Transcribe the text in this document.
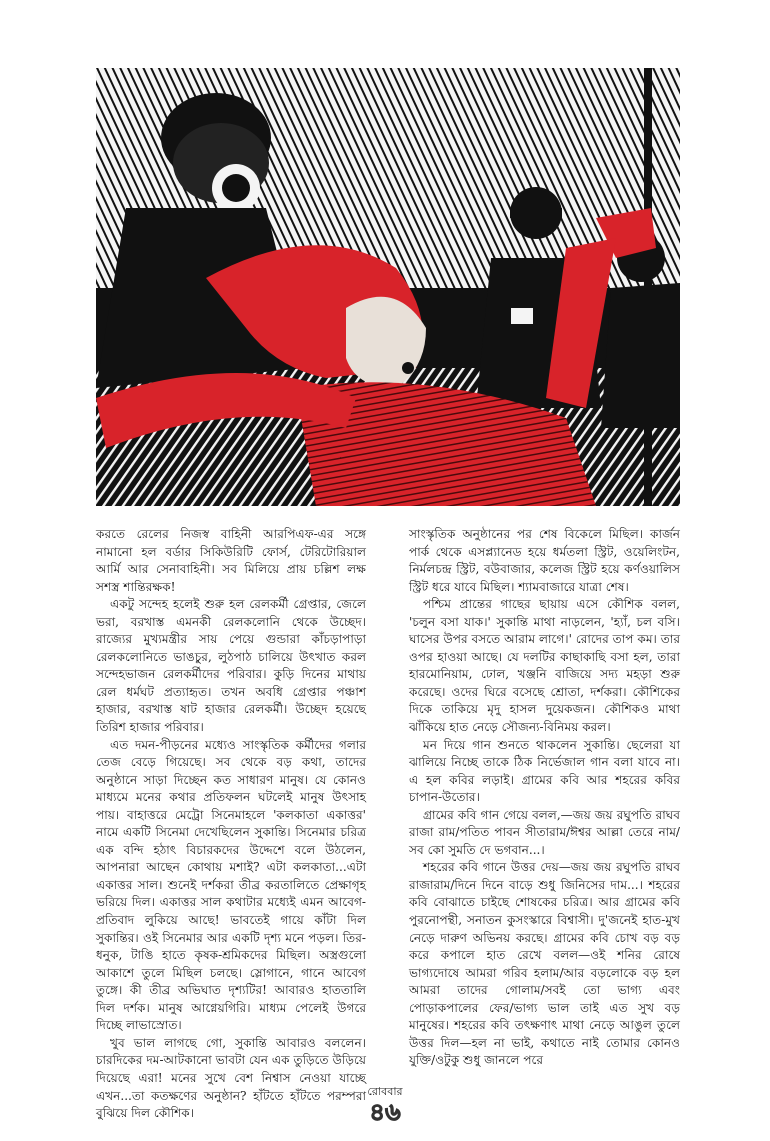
করতে রেলের নিজস্ব বাহিনী আরপিএফ-এর সঙ্গে নামানো হল বর্ডার সিকিউরিটি ফোর্স, টেরিটোরিয়াল আর্মি আর সেনাবাহিনী। সব মিলিয়ে প্রায় চল্লিশ লক্ষ সশস্ত্র শান্তিরক্ষক!

একটু সন্দেহ হলেই শুরু হল রেলকর্মী গ্রেপ্তার, জেলে ভরা, বরখাস্ত এমনকী রেলকলোনি থেকে উচ্ছেদ। রাজ্যের মুখ্যমন্ত্রীর সায় পেয়ে গুন্ডারা কাঁচড়াপাড়া রেলকলোনিতে ভাঙচুর, লুঠপাঠ চালিয়ে উৎখাত করল সন্দেহভাজন রেলকর্মীদের পরিবার। কুড়ি দিনের মাথায় রেল ধর্মঘট প্রত্যাহৃত। তখন অবধি গ্রেপ্তার পঞ্চাশ হাজার, বরখাস্ত ষাট হাজার রেলকর্মী। উচ্ছেদ হয়েছে তিরিশ হাজার পরিবার।

এত দমন-পীড়নের মধ্যেও সাংস্কৃতিক কর্মীদের গলার তেজ বেড়ে গিয়েছে। সব থেকে বড় কথা, তাদের অনুষ্ঠানে সাড়া দিচ্ছেন কত সাধারণ মানুষ। যে কোনও মাধ্যমে মনের কথার প্রতিফলন ঘটলেই মানুষ উৎসাহ পায়। বাহাত্তরে মেট্রো সিনেমাহলে 'কলকাতা একাত্তর' নামে একটি সিনেমা দেখেছিলেন সুকান্তি। সিনেমার চরিত্র এক বন্দি হঠাৎ বিচারকদের উদ্দেশে বলে উঠলেন, আপনারা আছেন কোথায় মশাই? এটা কলকাতা...এটা একাত্তর সাল। শুনেই দর্শকরা তীব্র করতালিতে প্রেক্ষাগৃহ ভরিয়ে দিল। একাত্তর সাল কথাটার মধ্যেই এমন আবেগ-প্রতিবাদ লুকিয়ে আছে! ভাবতেই গায়ে কাঁটা দিল সুকান্তির। ওই সিনেমার আর একটি দৃশ্য মনে পড়ল। তির-ধনুক, টাঙি হাতে কৃষক-শ্রমিকদের মিছিল। অস্ত্রগুলো আকাশে তুলে মিছিল চলছে। স্লোগানে, গানে আবেগ তুঙ্গে। কী তীব্র অভিঘাত দৃশ্যটির! আবারও হাততালি দিল দর্শক। মানুষ আগ্নেয়গিরি। মাধ্যম পেলেই উগরে দিচ্ছে লাভাস্রোত।

খুব ভাল লাগছে গো, সুকান্তি আবারও বললেন। চারদিকের দম-আটকানো ভাবটা যেন এক তুড়িতে উড়িয়ে দিয়েছে এরা! মনের সুখে বেশ নিশ্বাস নেওয়া যাচ্ছে এখন...তা কতক্ষণের অনুষ্ঠান? হাঁটতে হাঁটতে পরম্পরা বুঝিয়ে দিল কৌশিক।

সাংস্কৃতিক অনুষ্ঠানের পর শেষ বিকেলে মিছিল। কার্জন পার্ক থেকে এসপ্ল্যানেড হয়ে ধর্মতলা স্ট্রিট, ওয়েলিংটন, নির্মলচন্দ্র স্ট্রিট, বউবাজার, কলেজ স্ট্রিট হয়ে কর্ণওয়ালিস স্ট্রিট ধরে যাবে মিছিল। শ্যামবাজারে যাত্রা শেষ।

পশ্চিম প্রান্তের গাছের ছায়ায় এসে কৌশিক বলল, 'চলুন বসা যাক।' সুকান্তি মাথা নাড়লেন, 'হ্যাঁ, চল বসি। ঘাসের উপর বসতে আরাম লাগে।' রোদের তাপ কম। তার ওপর হাওয়া আছে। যে দলটির কাছাকাছি বসা হল, তারা হারমোনিয়াম, ঢোল, খঞ্জনি বাজিয়ে সদ্য মহড়া শুরু করেছে। ওদের ঘিরে বসেছে শ্রোতা, দর্শকরা। কৌশিকের দিকে তাকিয়ে মৃদু হাসল দুয়েকজন। কৌশিকও মাথা ঝাঁকিয়ে হাত নেড়ে সৌজন্য-বিনিময় করল।

মন দিয়ে গান শুনতে থাকলেন সুকান্তি। ছেলেরা যা ঝালিয়ে নিচ্ছে তাকে ঠিক নির্ভেজাল গান বলা যাবে না। এ হল কবির লড়াই। গ্রামের কবি আর শহরের কবির চাপান-উতোর।

গ্রামের কবি গান গেয়ে বলল,—জয় জয় রঘুপতি রাঘব রাজা রাম/পতিত পাবন সীতারাম/ঈশ্বর আল্লা তেরে নাম/সব কো সুমতি দে ভগবান...।

শহরের কবি গানে উত্তর দেয়—জয় জয় রঘুপতি রাঘব রাজারাম/দিনে দিনে বাড়ে শুধু জিনিসের দাম...। শহরের কবি বোঝাতে চাইছে শোষকের চরিত্র। আর গ্রামের কবি পুরনোপন্থী, সনাতন কুসংস্কারে বিশ্বাসী। দু'জনেই হাত-মুখ নেড়ে দারুণ অভিনয় করছে। গ্রামের কবি চোখ বড় বড় করে কপালে হাত রেখে বলল—ওই শনির রোষে ভাগ্যদোষে আমরা গরিব হলাম/আর বড়লোকে বড় হল আমরা তাদের গোলাম/সবই তো ভাগ্য এবং পোড়াকপালের ফের/ভাগ্য ভাল তাই এত সুখ বড় মানুষের। শহরের কবি তৎক্ষণাৎ মাথা নেড়ে আঙুল তুলে উত্তর দিল—হল না ভাই, কথাতে নাই তোমার কোনও যুক্তি/ওটুকু শুধু জানলে পরে

রোববার
৪৬
